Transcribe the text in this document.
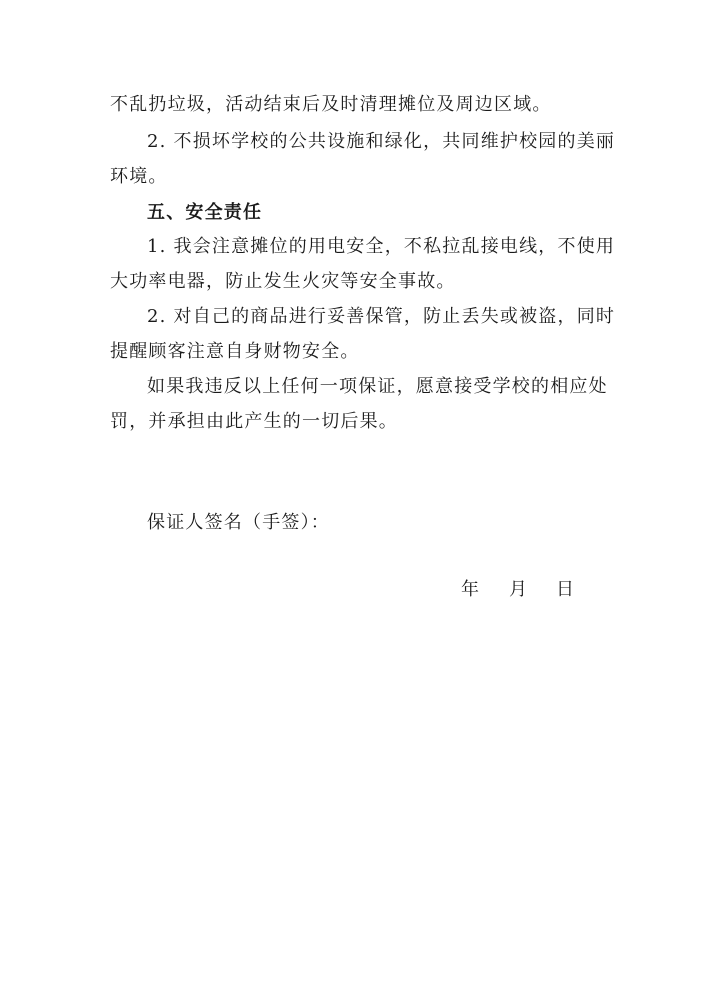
不乱扔垃圾，活动结束后及时清理摊位及周边区域。
2. 不损坏学校的公共设施和绿化，共同维护校园的美丽
环境。
五、安全责任
1. 我会注意摊位的用电安全，不私拉乱接电线，不使用
大功率电器，防止发生火灾等安全事故。
2. 对自己的商品进行妥善保管，防止丢失或被盗，同时
提醒顾客注意自身财物安全。
如果我违反以上任何一项保证，愿意接受学校的相应处
罚，并承担由此产生的一切后果。
保证人签名（手签）：
年 月 日
